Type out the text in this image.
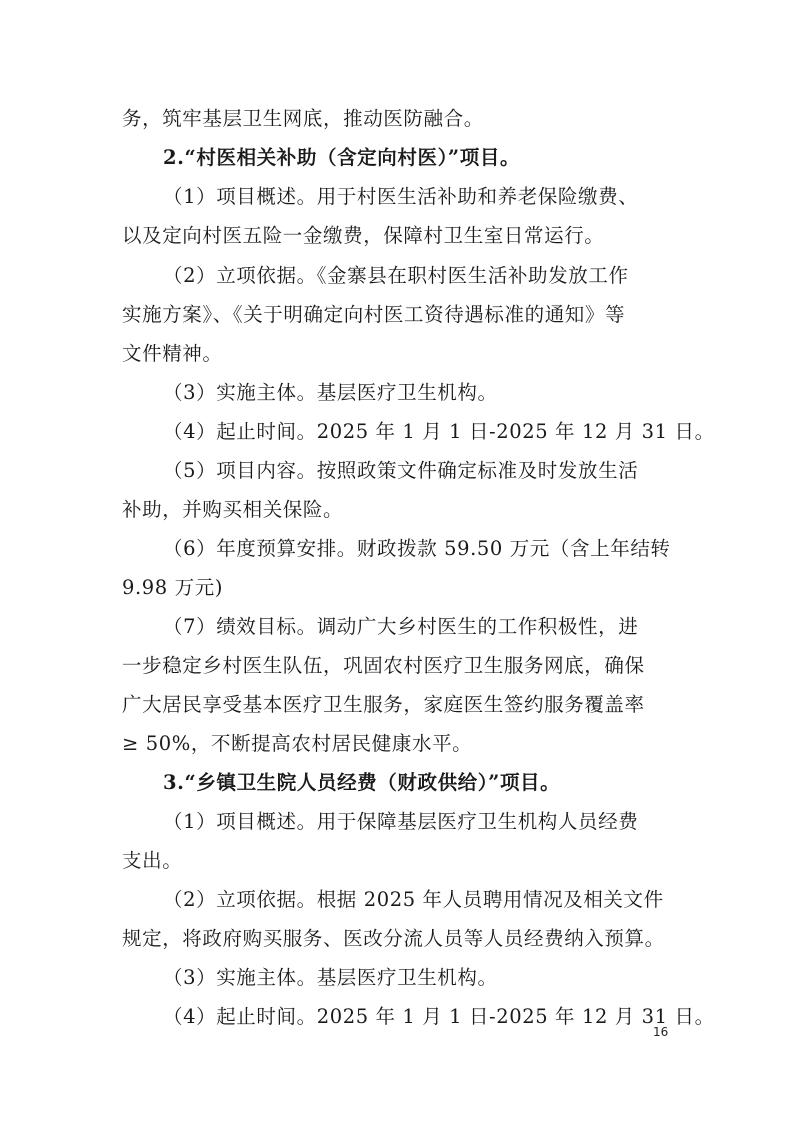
务，筑牢基层卫生网底，推动医防融合。
2.“村医相关补助（含定向村医）”项目。
（1）项目概述。用于村医生活补助和养老保险缴费、
以及定向村医五险一金缴费，保障村卫生室日常运行。
（2）立项依据。《金寨县在职村医生活补助发放工作
实施方案》、《关于明确定向村医工资待遇标准的通知》等
文件精神。
（3）实施主体。基层医疗卫生机构。
（4）起止时间。2025 年 1 月 1 日-2025 年 12 月 31 日。
（5）项目内容。按照政策文件确定标准及时发放生活
补助，并购买相关保险。
（6）年度预算安排。财政拨款 59.50 万元（含上年结转
9.98 万元)
（7）绩效目标。调动广大乡村医生的工作积极性，进
一步稳定乡村医生队伍，巩固农村医疗卫生服务网底，确保
广大居民享受基本医疗卫生服务，家庭医生签约服务覆盖率
≥ 50%，不断提高农村居民健康水平。
3.“乡镇卫生院人员经费（财政供给）”项目。
（1）项目概述。用于保障基层医疗卫生机构人员经费
支出。
（2）立项依据。根据 2025 年人员聘用情况及相关文件
规定，将政府购买服务、医改分流人员等人员经费纳入预算。
（3）实施主体。基层医疗卫生机构。
（4）起止时间。2025 年 1 月 1 日-2025 年 12 月 31 日。
16
